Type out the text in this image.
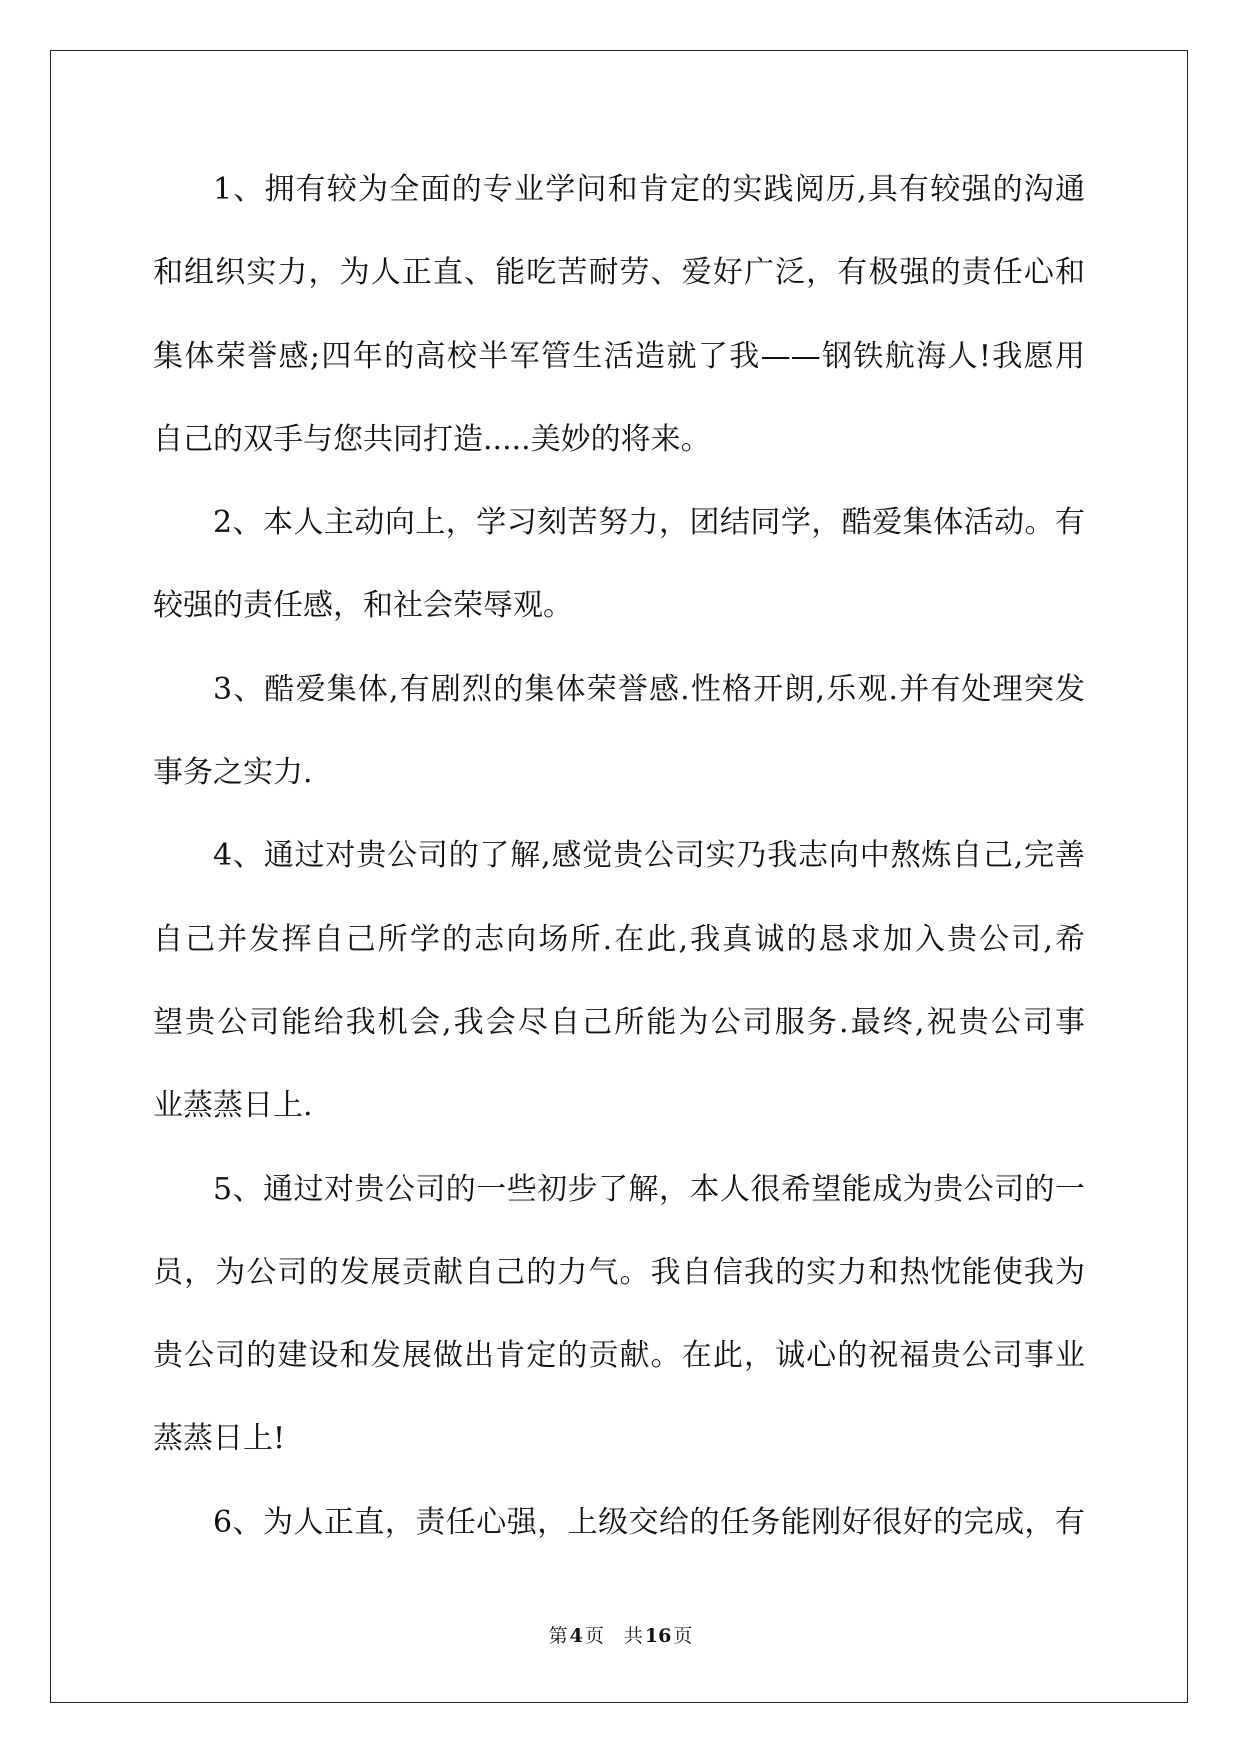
1、拥有较为全面的专业学问和肯定的实践阅历,具有较强的沟通
和组织实力，为人正直、能吃苦耐劳、爱好广泛，有极强的责任心和
集体荣誉感;四年的高校半军管生活造就了我——钢铁航海人!我愿用
自己的双手与您共同打造.....美妙的将来。
2、本人主动向上，学习刻苦努力，团结同学，酷爱集体活动。有
较强的责任感，和社会荣辱观。
3、酷爱集体,有剧烈的集体荣誉感.性格开朗,乐观.并有处理突发
事务之实力.
4、通过对贵公司的了解,感觉贵公司实乃我志向中熬炼自己,完善
自己并发挥自己所学的志向场所.在此,我真诚的恳求加入贵公司,希
望贵公司能给我机会,我会尽自己所能为公司服务.最终,祝贵公司事
业蒸蒸日上.
5、通过对贵公司的一些初步了解，本人很希望能成为贵公司的一
员，为公司的发展贡献自己的力气。我自信我的实力和热忱能使我为
贵公司的建设和发展做出肯定的贡献。在此，诚心的祝福贵公司事业
蒸蒸日上!
6、为人正直，责任心强，上级交给的任务能刚好很好的完成，有
第 4 页 共 16 页
